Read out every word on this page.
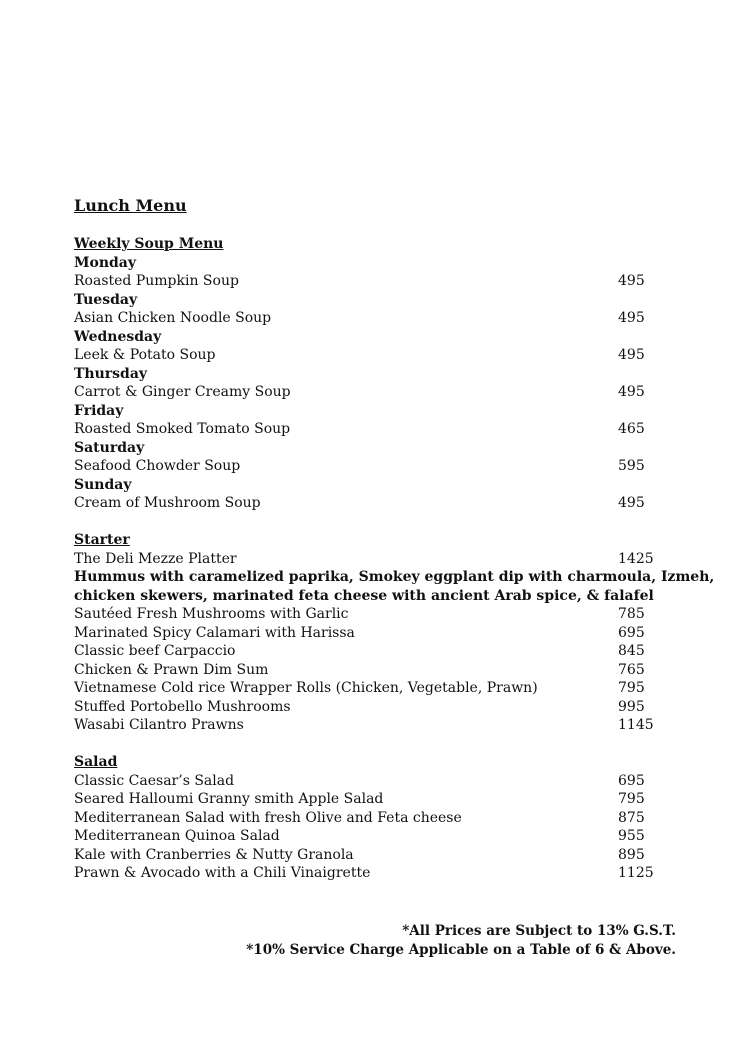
Lunch Menu
Weekly Soup Menu
Monday
Roasted Pumpkin Soup	495
Tuesday
Asian Chicken Noodle Soup	495
Wednesday
Leek & Potato Soup	495
Thursday
Carrot & Ginger Creamy Soup	495
Friday
Roasted Smoked Tomato Soup	465
Saturday
Seafood Chowder Soup	595
Sunday
Cream of Mushroom Soup	495
Starter
The Deli Mezze Platter	1425
Hummus with caramelized paprika, Smokey eggplant dip with charmoula, Izmeh,
chicken skewers, marinated feta cheese with ancient Arab spice, & falafel
Sautéed Fresh Mushrooms with Garlic	785
Marinated Spicy Calamari with Harissa	695
Classic beef Carpaccio	845
Chicken & Prawn Dim Sum	765
Vietnamese Cold rice Wrapper Rolls (Chicken, Vegetable, Prawn)	795
Stuffed Portobello Mushrooms	995
Wasabi Cilantro Prawns	1145
Salad
Classic Caesar’s Salad	695
Seared Halloumi Granny smith Apple Salad	795
Mediterranean Salad with fresh Olive and Feta cheese	875
Mediterranean Quinoa Salad	955
Kale with Cranberries & Nutty Granola	895
Prawn & Avocado with a Chili Vinaigrette	1125
*All Prices are Subject to 13% G.S.T.
*10% Service Charge Applicable on a Table of 6 & Above.
